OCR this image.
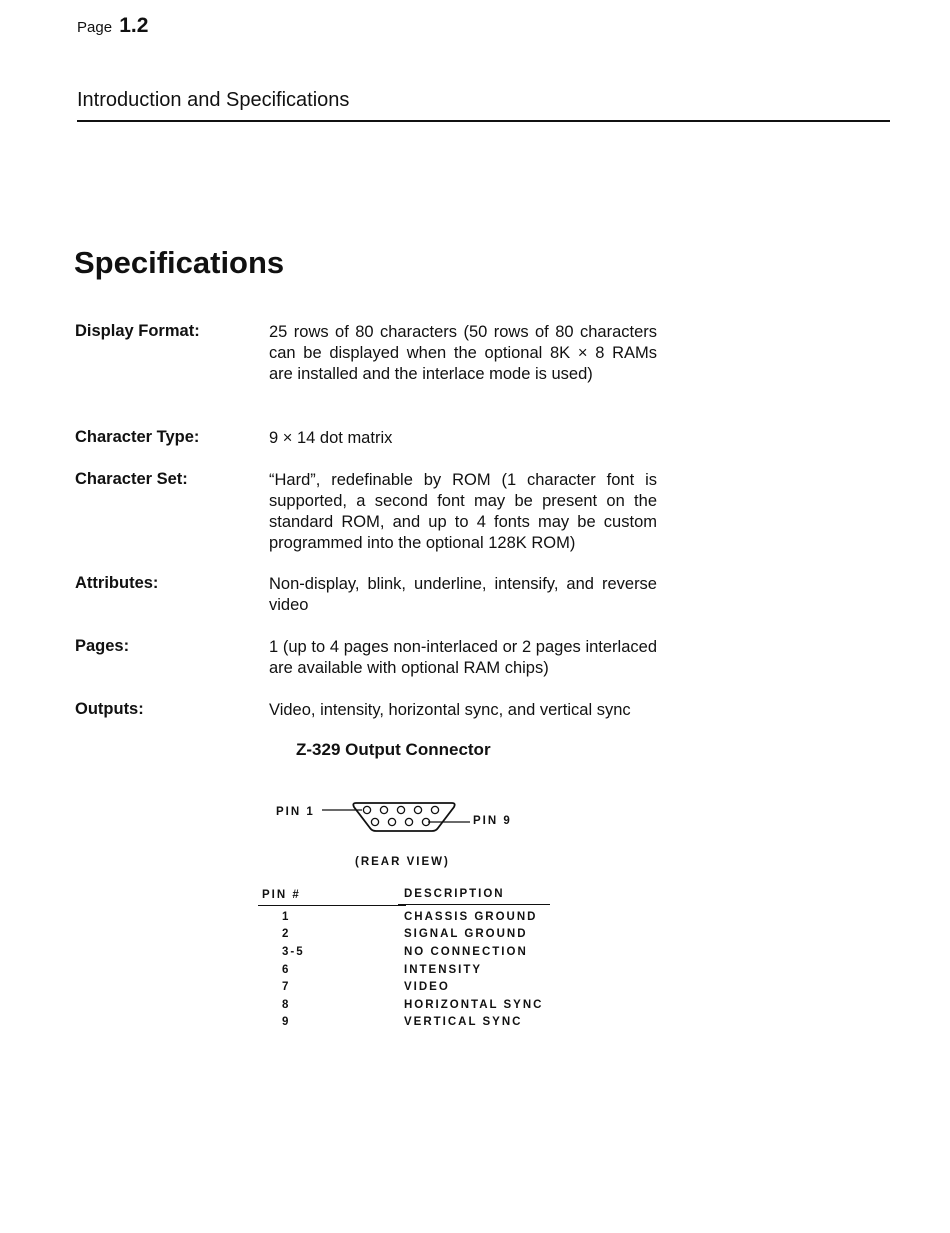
Page 1.2
Introduction and Specifications
Specifications
Display Format:	25 rows of 80 characters (50 rows of 80 characters can be displayed when the optional 8K × 8 RAMs are installed and the interlace mode is used)
Character Type:	9 × 14 dot matrix
Character Set:	“Hard”, redefinable by ROM (1 character font is supported, a second font may be present on the standard ROM, and up to 4 fonts may be custom programmed into the optional 128K ROM)
Attributes:	Non-display, blink, underline, intensify, and reverse video
Pages:	1 (up to 4 pages non-interlaced or 2 pages interlaced are available with optional RAM chips)
Outputs:	Video, intensity, horizontal sync, and vertical sync
Z-329 Output Connector
PIN 1
PIN 9
(REAR VIEW)
PIN #	DESCRIPTION
1	CHASSIS GROUND
2	SIGNAL GROUND
3-5	NO CONNECTION
6	INTENSITY
7	VIDEO
8	HORIZONTAL SYNC
9	VERTICAL SYNC
